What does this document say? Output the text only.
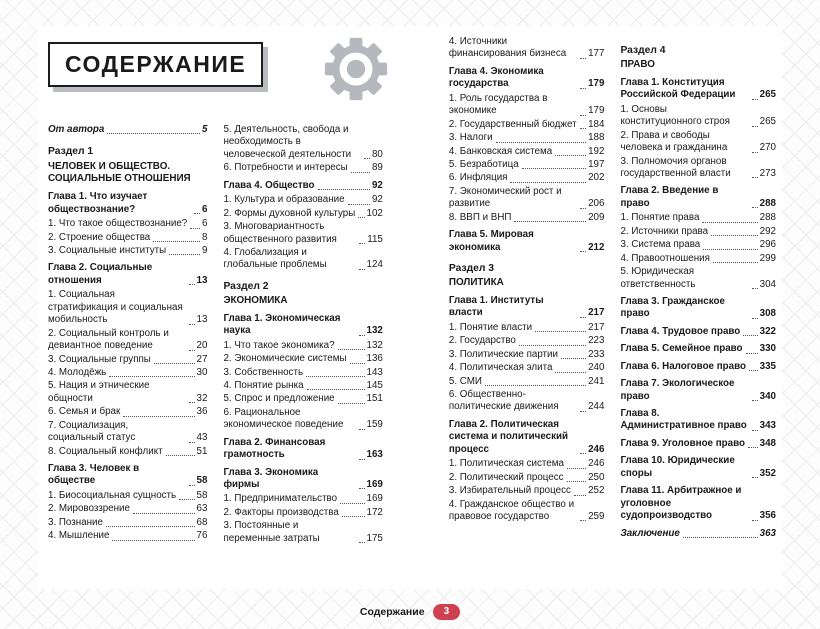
СОДЕРЖАНИЕ
От автора	5
Раздел 1
ЧЕЛОВЕК И ОБЩЕСТВО. СОЦИАЛЬНЫЕ ОТНОШЕНИЯ
Глава 1. Что изучает обществознание?	6
1. Что такое обществознание? 6
2. Строение общества	8
3. Социальные институты	9
Глава 2. Социальные отношения	13
1. Социальная стратификация и социальная мобильность	13
2. Социальный контроль и девиантное поведение	20
3. Социальные группы	27
4. Молодёжь	30
5. Нация и этнические общности	32
6. Семья и брак	36
7. Социализация, социальный статус	43
8. Социальный конфликт	51
Глава 3. Человек в обществе	58
1. Биосоциальная сущность 58
2. Мировоззрение	63
3. Познание	68
4. Мышление	76
5. Деятельность, свобода и необходимость в человеческой деятельности	80
6. Потребности и интересы 89
Глава 4. Общество	92
1. Культура и образование	92
2. Формы духовной культуры 102
3. Многовариантность общественного развития	115
4. Глобализация и глобальные проблемы	124
Раздел 2
ЭКОНОМИКА
Глава 1. Экономическая наука	132
1. Что такое экономика?	132
2. Экономические системы 136
3. Собственность	143
4. Понятие рынка	145
5. Спрос и предложение	151
6. Рациональное экономическое поведение	159
Глава 2. Финансовая грамотность	163
Глава 3. Экономика фирмы	169
1. Предпринимательство	169
2. Факторы производства	172
3. Постоянные и переменные затраты	175
4. Источники финансирования бизнеса	177
Глава 4. Экономика государства	179
1. Роль государства в экономике	179
2. Государственный бюджет 184
3. Налоги	188
4. Банковская система	192
5. Безработица	197
6. Инфляция	202
7. Экономический рост и развитие	206
8. ВВП и ВНП	209
Глава 5. Мировая экономика	212
Раздел 3
ПОЛИТИКА
Глава 1. Институты власти	217
1. Понятие власти	217
2. Государство	223
3. Политические партии	233
4. Политическая элита	240
5. СМИ	241
6. Общественно-политические движения	244
Глава 2. Политическая система и политический процесс	246
1. Политическая система 246
2. Политический процесс	250
3. Избирательный процесс 252
4. Гражданское общество и правовое государство	259
Раздел 4
ПРАВО
Глава 1. Конституция Российской Федерации	265
1. Основы конституционного строя	265
2. Права и свободы человека и гражданина	270
3. Полномочия органов государственной власти	273
Глава 2. Введение в право	288
1. Понятие права	288
2. Источники права	292
3. Система права	296
4. Правоотношения	299
5. Юридическая ответственность	304
Глава 3. Гражданское право	308
Глава 4. Трудовое право 322
Глава 5. Семейное право 330
Глава 6. Налоговое право 335
Глава 7. Экологическое право	340
Глава 8. Административное право 343
Глава 9. Уголовное право 348
Глава 10. Юридические споры	352
Глава 11. Арбитражное и уголовное судопроизводство	356
Заключение	363
Содержание	3
